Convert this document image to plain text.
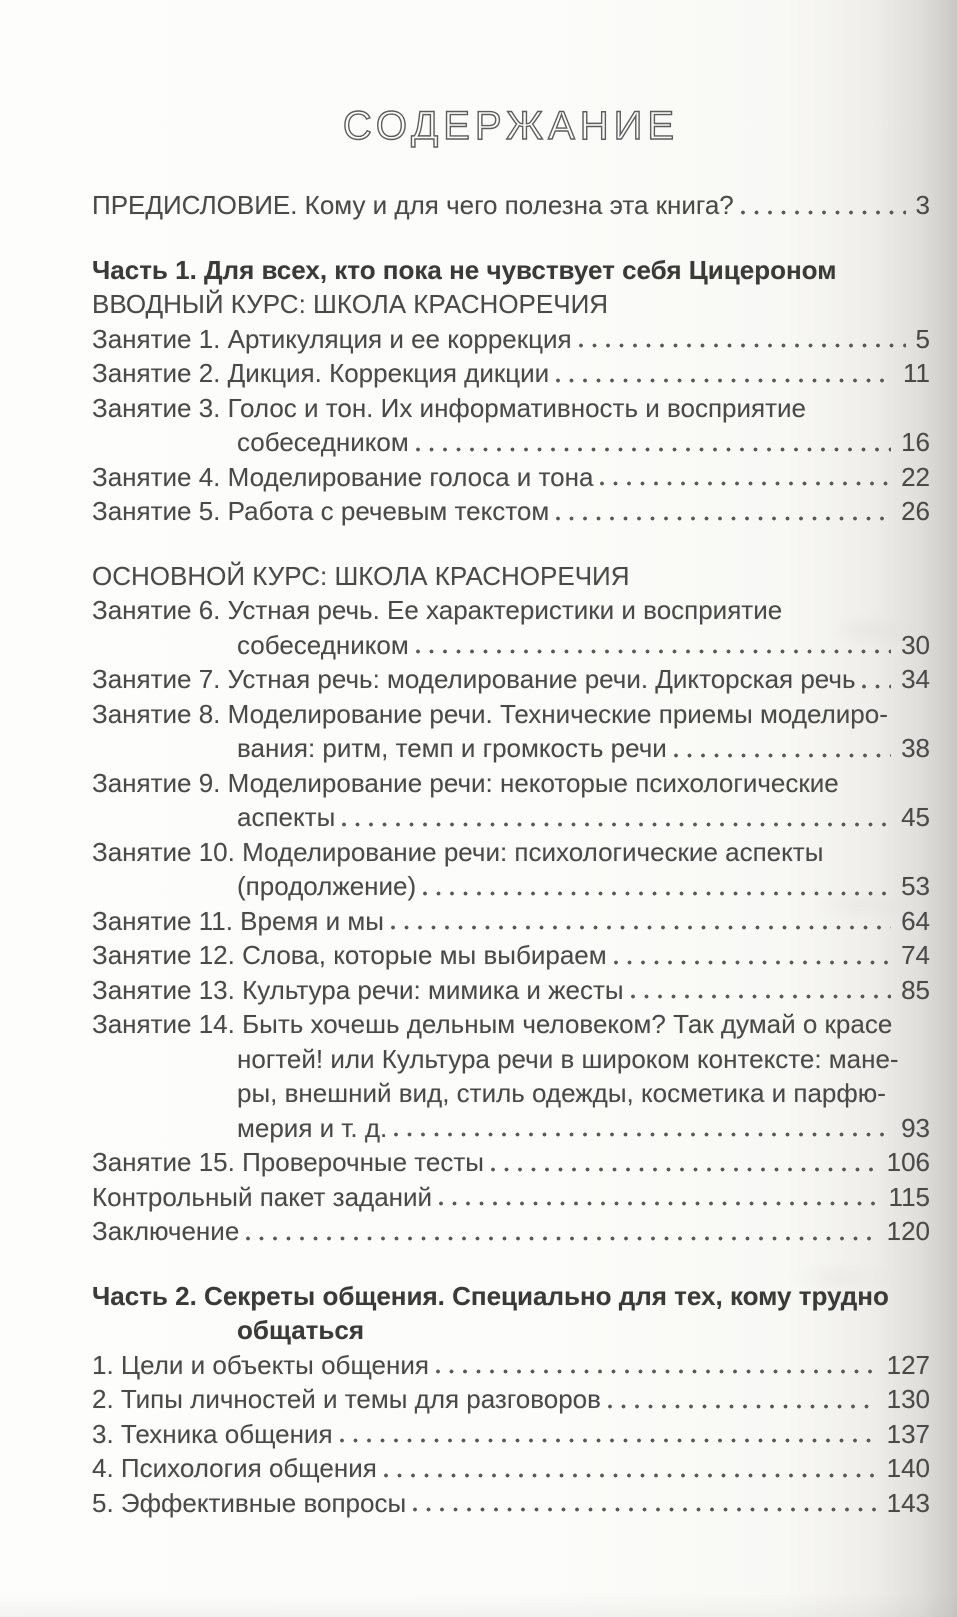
СОДЕРЖАНИЕ
ПРЕДИСЛОВИЕ. Кому и для чего полезна эта книга?	3
Часть 1. Для всех, кто пока не чувствует себя Цицероном
ВВОДНЫЙ КУРС: ШКОЛА КРАСНОРЕЧИЯ
Занятие 1. Артикуляция и ее коррекция	5
Занятие 2. Дикция. Коррекция дикции	11
Занятие 3. Голос и тон. Их информативность и восприятие
собеседником	16
Занятие 4. Моделирование голоса и тона	22
Занятие 5. Работа с речевым текстом	26
ОСНОВНОЙ КУРС: ШКОЛА КРАСНОРЕЧИЯ
Занятие 6. Устная речь. Ее характеристики и восприятие
собеседником	30
Занятие 7. Устная речь: моделирование речи. Дикторская речь 34
Занятие 8. Моделирование речи. Технические приемы моделиро-
вания: ритм, темп и громкость речи	38
Занятие 9. Моделирование речи: некоторые психологические
аспекты	45
Занятие 10. Моделирование речи: психологические аспекты
(продолжение)	53
Занятие 11. Время и мы	64
Занятие 12. Слова, которые мы выбираем	74
Занятие 13. Культура речи: мимика и жесты	85
Занятие 14. Быть хочешь дельным человеком? Так думай о красе
ногтей! или Культура речи в широком контексте: мане-
ры, внешний вид, стиль одежды, косметика и парфю-
мерия и т. д.	93
Занятие 15. Проверочные тесты	106
Контрольный пакет заданий	115
Заключение	120
Часть 2. Секреты общения. Специально для тех, кому трудно
общаться
1. Цели и объекты общения	127
2. Типы личностей и темы для разговоров	130
3. Техника общения	137
4. Психология общения	140
5. Эффективные вопросы	143
